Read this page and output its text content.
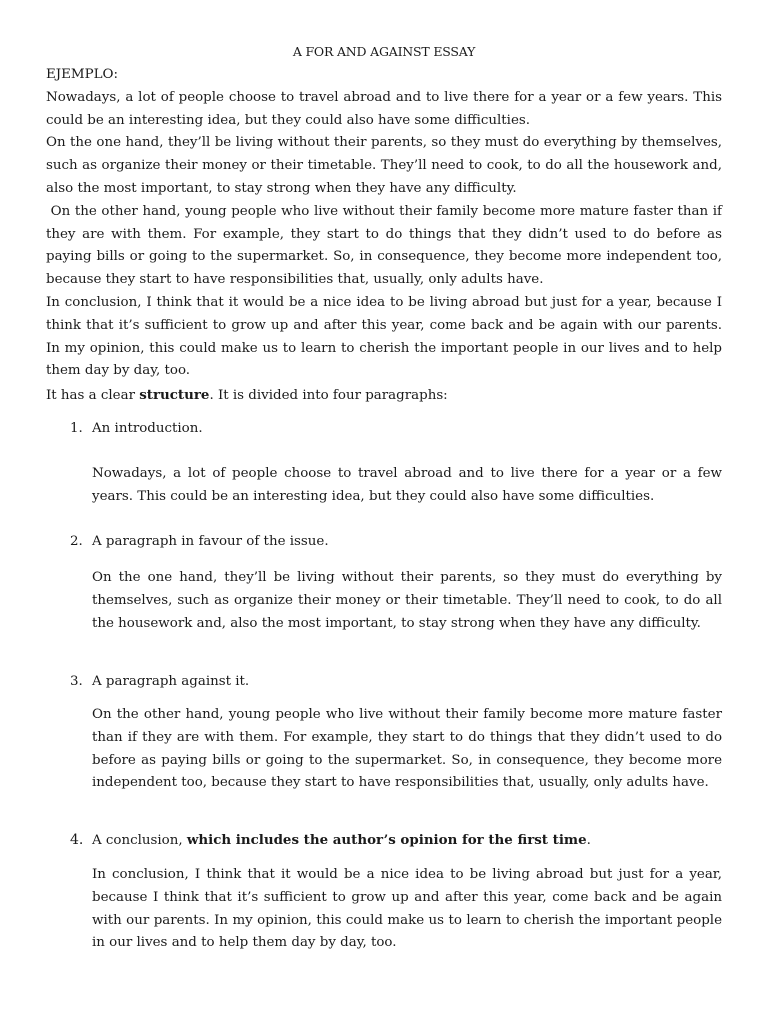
A FOR AND AGAINST ESSAY

EJEMPLO:

Nowadays, a lot of people choose to travel abroad and to live there for a year or a few years. This could be an interesting idea, but they could also have some difficulties.

On the one hand, they’ll be living without their parents, so they must do everything by themselves, such as organize their money or their timetable. They’ll need to cook, to do all the housework and, also the most important, to stay strong when they have any difficulty.

On the other hand, young people who live without their family become more mature faster than if they are with them. For example, they start to do things that they didn’t used to do before as paying bills or going to the supermarket. So, in consequence, they become more independent too, because they start to have responsibilities that, usually, only adults have.

In conclusion, I think that it would be a nice idea to be living abroad but just for a year, because I think that it’s sufficient to grow up and after this year, come back and be again with our parents. In my opinion, this could make us to learn to cherish the important people in our lives and to help them day by day, too.

It has a clear structure. It is divided into four paragraphs:
1. An introduction.

Nowadays, a lot of people choose to travel abroad and to live there for a year or a few years. This could be an interesting idea, but they could also have some difficulties.

2. A paragraph in favour of the issue.

On the one hand, they’ll be living without their parents, so they must do everything by themselves, such as organize their money or their timetable. They’ll need to cook, to do all the housework and, also the most important, to stay strong when they have any difficulty.

3. A paragraph against it.

On the other hand, young people who live without their family become more mature faster than if they are with them. For example, they start to do things that they didn’t used to do before as paying bills or going to the supermarket. So, in consequence, they become more independent too, because they start to have responsibilities that, usually, only adults have.

4. A conclusion, which includes the author’s opinion for the first time.

In conclusion, I think that it would be a nice idea to be living abroad but just for a year, because I think that it’s sufficient to grow up and after this year, come back and be again with our parents. In my opinion, this could make us to learn to cherish the important people in our lives and to help them day by day, too.
